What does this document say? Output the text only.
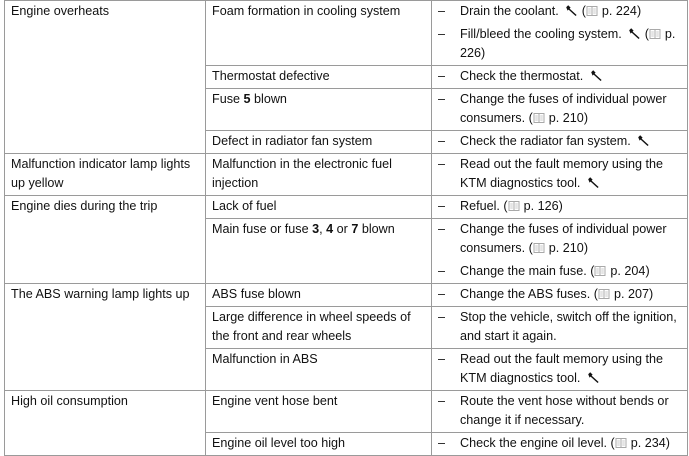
Engine overheats	Foam formation in cooling system	– Drain the coolant. ( p. 224)
– Fill/bleed the cooling system. ( p. 226)

	Thermostat defective	– Check the thermostat.

	Fuse 5 blown	– Change the fuses of individual power consumers. ( p. 210)

	Defect in radiator fan system	– Check the radiator fan system.

Malfunction indicator lamp lights up yellow	Malfunction in the electronic fuel injection	– Read out the fault memory using the KTM diagnostics tool.

Engine dies during the trip	Lack of fuel	– Refuel. ( p. 126)

	Main fuse or fuse 3, 4 or 7 blown	– Change the fuses of individual power consumers. ( p. 210)
– Change the main fuse. ( p. 204)

The ABS warning lamp lights up	ABS fuse blown	– Change the ABS fuses. ( p. 207)

	Large difference in wheel speeds of the front and rear wheels	– Stop the vehicle, switch off the ignition, and start it again.

	Malfunction in ABS	– Read out the fault memory using the KTM diagnostics tool.

High oil consumption	Engine vent hose bent	– Route the vent hose without bends or change it if necessary.

	Engine oil level too high	– Check the engine oil level. ( p. 234)
